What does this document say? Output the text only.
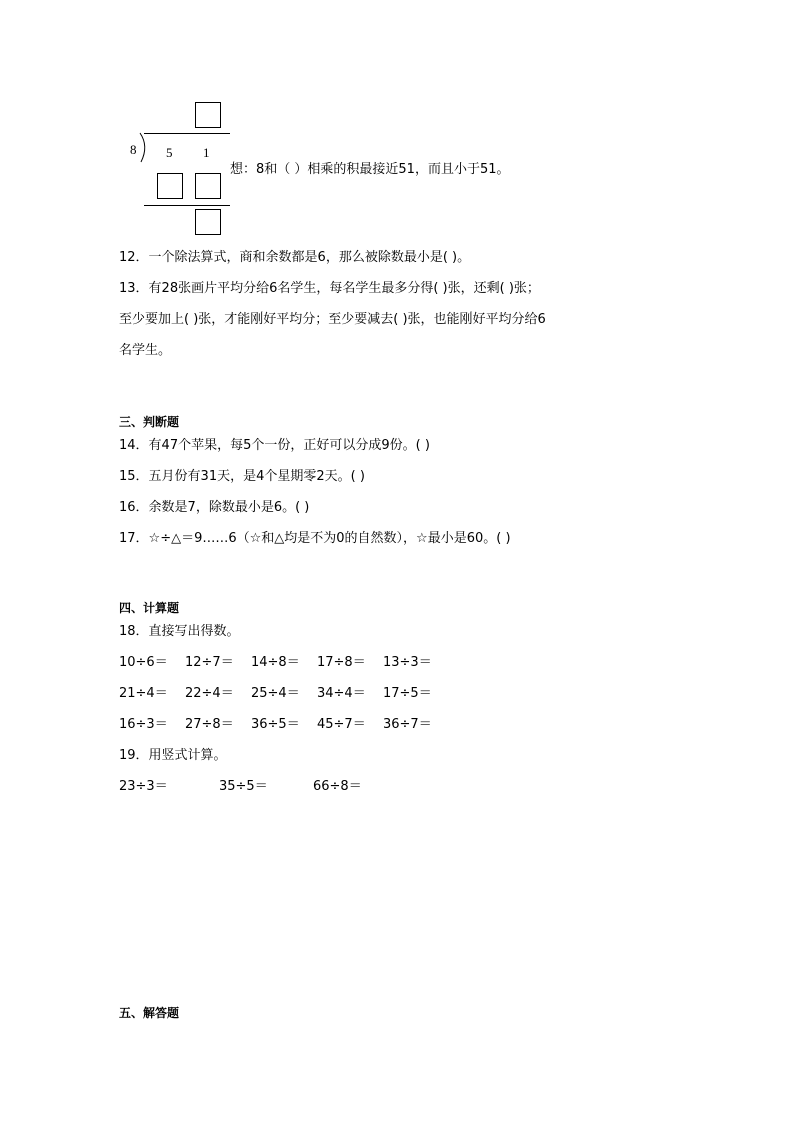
8 5 1
想：8和（ ）相乘的积最接近51，而且小于51。
12．一个除法算式，商和余数都是6，那么被除数最小是( )。
13．有28张画片平均分给6名学生，每名学生最多分得( )张，还剩( )张；
至少要加上( )张，才能刚好平均分；至少要减去( )张，也能刚好平均分给6
名学生。
三、判断题
14．有47个苹果，每5个一份，正好可以分成9份。( )
15．五月份有31天，是4个星期零2天。( )
16．余数是7，除数最小是6。( )
17．☆÷△＝9……6（☆和△均是不为0的自然数），☆最小是60。( )
四、计算题
18．直接写出得数。
10÷6＝ 12÷7＝ 14÷8＝ 17÷8＝ 13÷3＝
21÷4＝ 22÷4＝ 25÷4＝ 34÷4＝ 17÷5＝
16÷3＝ 27÷8＝ 36÷5＝ 45÷7＝ 36÷7＝
19．用竖式计算。
23÷3＝	35÷5＝	66÷8＝
五、解答题
